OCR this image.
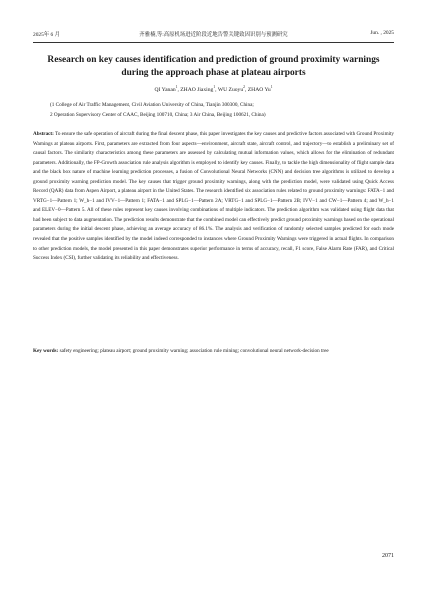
2025年 6 月	齐雅楠,等:高原机场进近阶段近地告警关键致因识别与预测研究	Jun. , 2025
Research on key causes identification and prediction of ground proximity warnings during the approach phase at plateau airports
QI Yanan$^1$, ZHAO Jiaxing$^1$, WU Zuoyu$^2$, ZHAO Yu$^1$
(1 College of Air Traffic Management, Civil Aviation University of China, Tianjin 300300, China;
2 Operation Supervisory Center of CAAC, Beijing 100710, China; 3 Air China, Beijing 100621, China)
Abstract: To ensure the safe operation of aircraft during the final descent phase, this paper investigates the key causes and predictive factors associated with Ground Proximity Warnings at plateau airports. First, parameters are extracted from four aspects—environment, aircraft state, aircraft control, and trajectory—to establish a preliminary set of causal factors. The similarity characteristics among these parameters are assessed by calculating mutual information values, which allows for the elimination of redundant parameters. Additionally, the FP-Growth association rule analysis algorithm is employed to identify key causes. Finally, to tackle the high dimensionality of flight sample data and the black box nature of machine learning prediction processes, a fusion of Convolutional Neural Networks (CNN) and decision tree algorithms is utilized to develop a ground proximity warning prediction model. The key causes that trigger ground proximity warnings, along with the prediction model, were validated using Quick Access Record (QAR) data from Aspen Airport, a plateau airport in the United States. The research identified six association rules related to ground proximity warnings: FATA−1 and VRTG−1—Pattern 1; W_h−1 and IVV−1—Pattern 1; FATA−1 and SPLG−1—Pattern 2A; VRTG−1 and SPLG−1—Pattern 2B; IVV−1 and CW−1—Pattern 4; and W_h−1 and ELEV−0—Pattern 5. All of these rules represent key causes involving combinations of multiple indicators. The prediction algorithm was validated using flight data that had been subject to data augmentation. The prediction results demonstrate that the combined model can effectively predict ground proximity warnings based on the operational parameters during the initial descent phase, achieving an average accuracy of 86.1%. The analysis and verification of randomly selected samples predicted for each mode revealed that the positive samples identified by the model indeed corresponded to instances where Ground Proximity Warnings were triggered in actual flights. In comparison to other prediction models, the model presented in this paper demonstrates superior performance in terms of accuracy, recall, F1 score, False Alarm Rate (FAR), and Critical Success Index (CSI), further validating its reliability and effectiveness.
Key words: safety engineering; plateau airport; ground proximity warning; association rule mining; convolutional neural network-decision tree
2071
